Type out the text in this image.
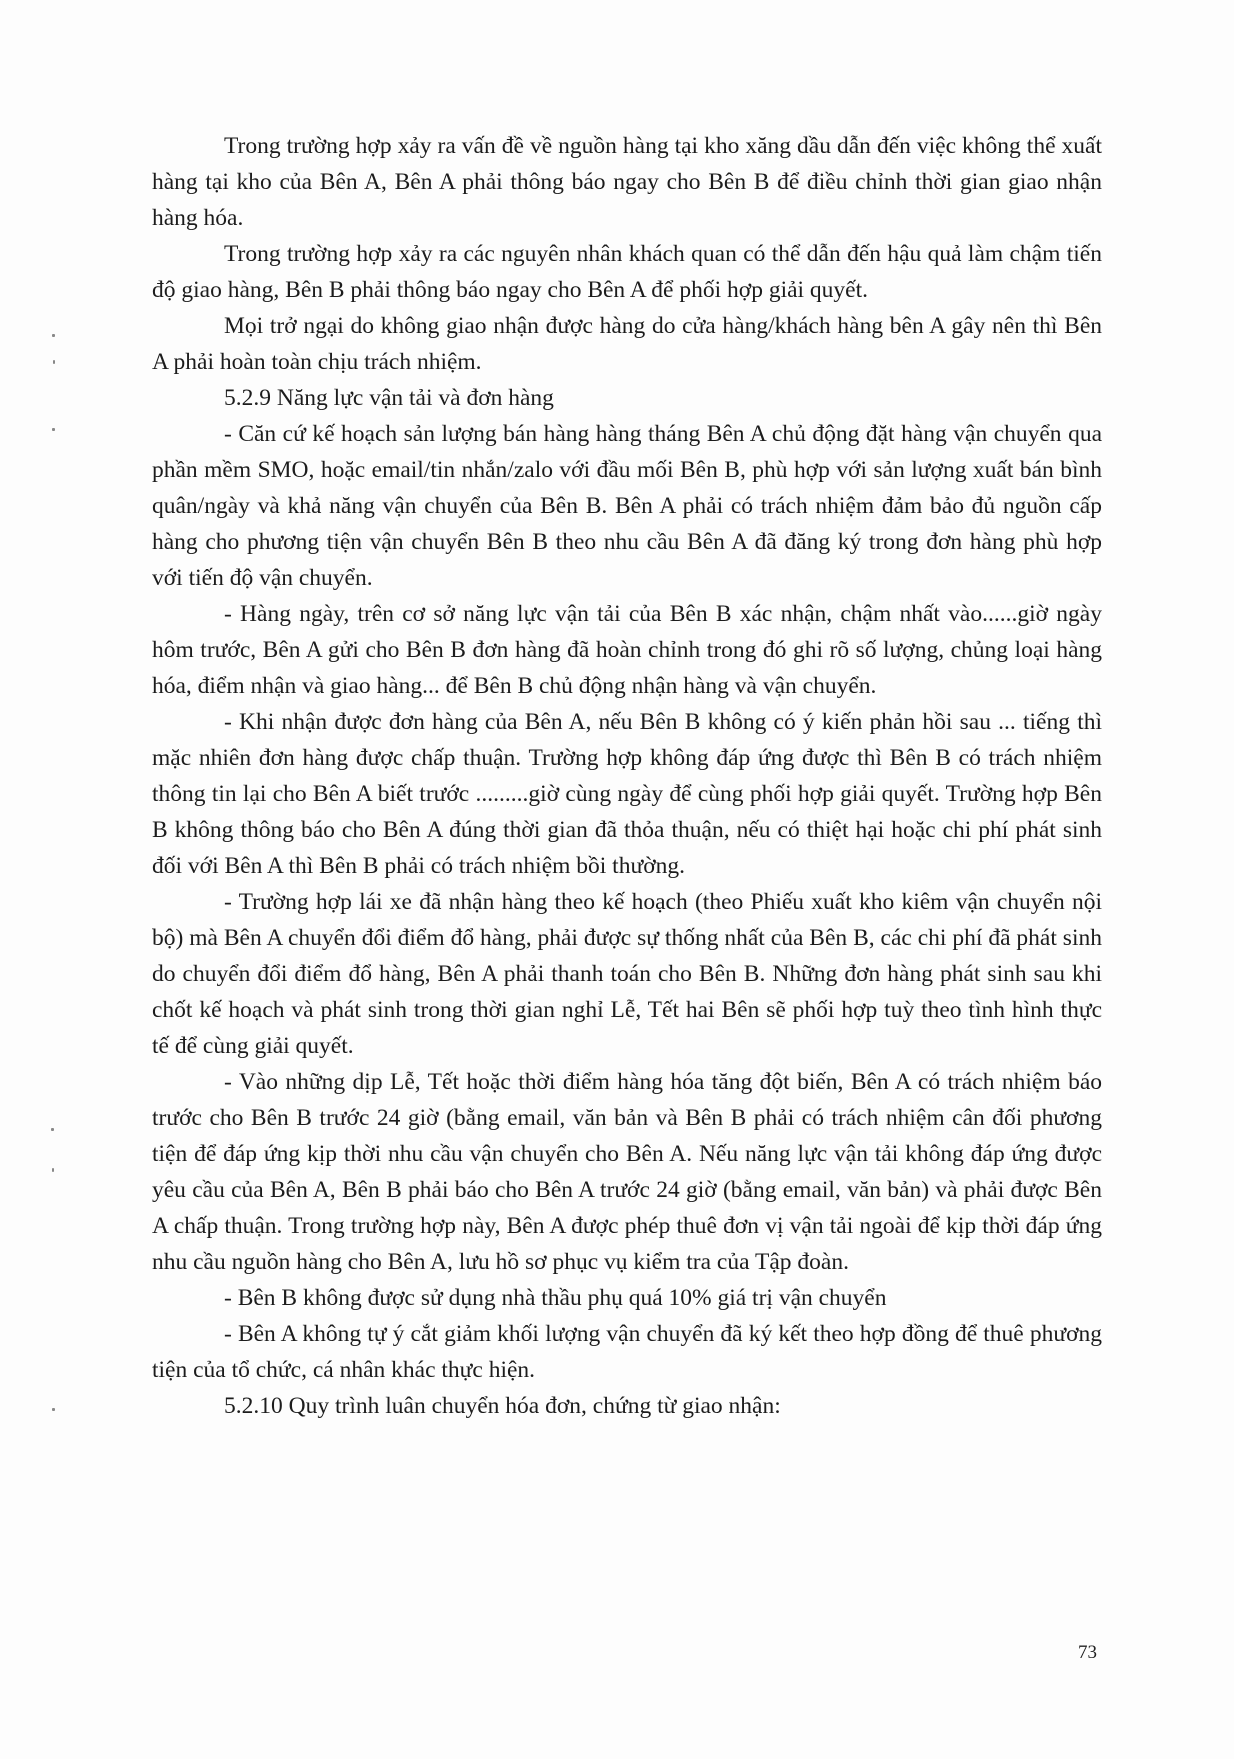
Trong trường hợp xảy ra vấn đề về nguồn hàng tại kho xăng dầu dẫn đến việc không thể xuất hàng tại kho của Bên A, Bên A phải thông báo ngay cho Bên B để điều chỉnh thời gian giao nhận hàng hóa.

Trong trường hợp xảy ra các nguyên nhân khách quan có thể dẫn đến hậu quả làm chậm tiến độ giao hàng, Bên B phải thông báo ngay cho Bên A để phối hợp giải quyết.

Mọi trở ngại do không giao nhận được hàng do cửa hàng/khách hàng bên A gây nên thì Bên A phải hoàn toàn chịu trách nhiệm.

5.2.9 Năng lực vận tải và đơn hàng

- Căn cứ kế hoạch sản lượng bán hàng hàng tháng Bên A chủ động đặt hàng vận chuyển qua phần mềm SMO, hoặc email/tin nhắn/zalo với đầu mối Bên B, phù hợp với sản lượng xuất bán bình quân/ngày và khả năng vận chuyển của Bên B. Bên A phải có trách nhiệm đảm bảo đủ nguồn cấp hàng cho phương tiện vận chuyển Bên B theo nhu cầu Bên A đã đăng ký trong đơn hàng phù hợp với tiến độ vận chuyển.

- Hàng ngày, trên cơ sở năng lực vận tải của Bên B xác nhận, chậm nhất vào......giờ ngày hôm trước, Bên A gửi cho Bên B đơn hàng đã hoàn chỉnh trong đó ghi rõ số lượng, chủng loại hàng hóa, điểm nhận và giao hàng... để Bên B chủ động nhận hàng và vận chuyển.

- Khi nhận được đơn hàng của Bên A, nếu Bên B không có ý kiến phản hồi sau ... tiếng thì mặc nhiên đơn hàng được chấp thuận. Trường hợp không đáp ứng được thì Bên B có trách nhiệm thông tin lại cho Bên A biết trước .........giờ cùng ngày để cùng phối hợp giải quyết. Trường hợp Bên B không thông báo cho Bên A đúng thời gian đã thỏa thuận, nếu có thiệt hại hoặc chi phí phát sinh đối với Bên A thì Bên B phải có trách nhiệm bồi thường.

- Trường hợp lái xe đã nhận hàng theo kế hoạch (theo Phiếu xuất kho kiêm vận chuyển nội bộ) mà Bên A chuyển đổi điểm đổ hàng, phải được sự thống nhất của Bên B, các chi phí đã phát sinh do chuyển đổi điểm đổ hàng, Bên A phải thanh toán cho Bên B. Những đơn hàng phát sinh sau khi chốt kế hoạch và phát sinh trong thời gian nghỉ Lễ, Tết hai Bên sẽ phối hợp tuỳ theo tình hình thực tế để cùng giải quyết.

- Vào những dịp Lễ, Tết hoặc thời điểm hàng hóa tăng đột biến, Bên A có trách nhiệm báo trước cho Bên B trước 24 giờ (bằng email, văn bản và Bên B phải có trách nhiệm cân đối phương tiện để đáp ứng kịp thời nhu cầu vận chuyển cho Bên A. Nếu năng lực vận tải không đáp ứng được yêu cầu của Bên A, Bên B phải báo cho Bên A trước 24 giờ (bằng email, văn bản) và phải được Bên A chấp thuận. Trong trường hợp này, Bên A được phép thuê đơn vị vận tải ngoài để kịp thời đáp ứng nhu cầu nguồn hàng cho Bên A, lưu hồ sơ phục vụ kiểm tra của Tập đoàn.

- Bên B không được sử dụng nhà thầu phụ quá 10% giá trị vận chuyển

- Bên A không tự ý cắt giảm khối lượng vận chuyển đã ký kết theo hợp đồng để thuê phương tiện của tổ chức, cá nhân khác thực hiện.

5.2.10 Quy trình luân chuyển hóa đơn, chứng từ giao nhận:

73
